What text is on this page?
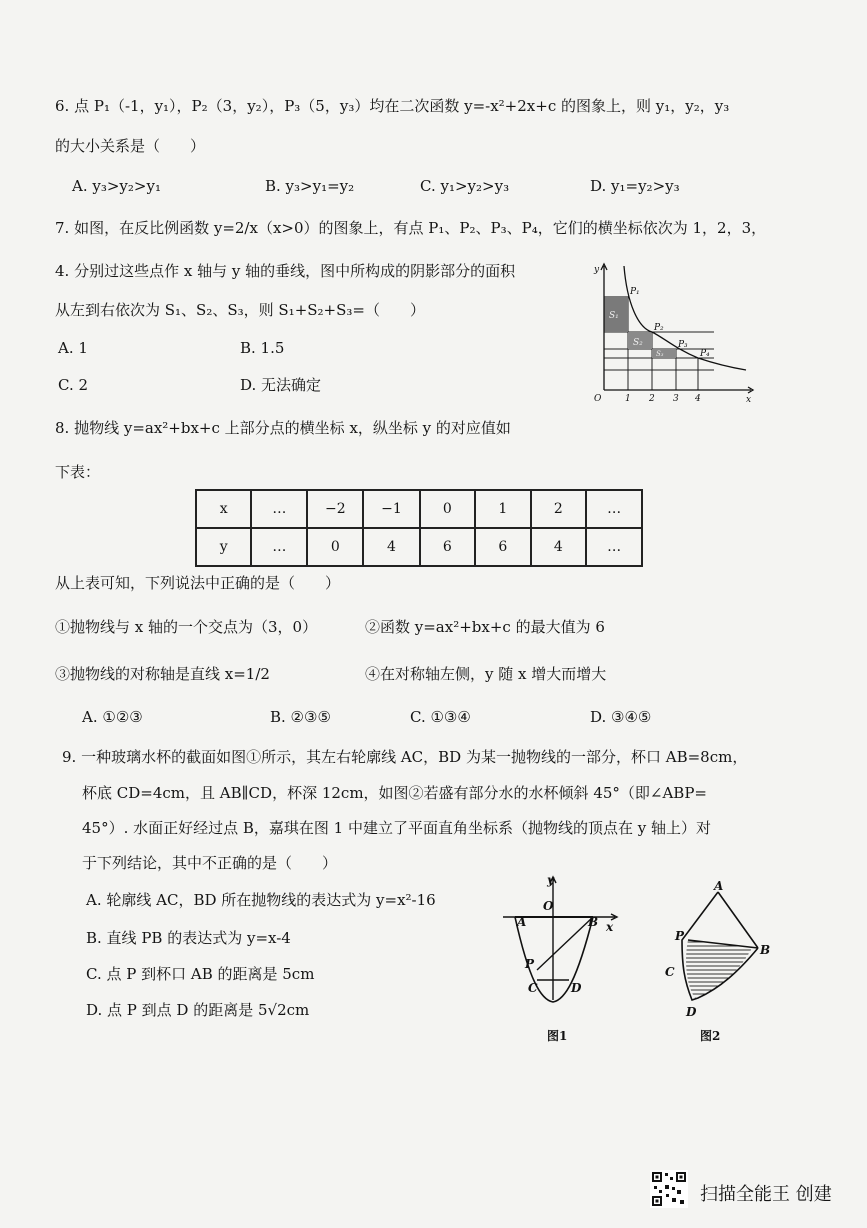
6. 点 P₁（-1，y₁），P₂（3，y₂），P₃（5，y₃）均在二次函数 y=-x²+2x+c 的图象上，则 y₁，y₂，y₃
的大小关系是（　　）
A. y₃>y₂>y₁	B. y₃>y₁=y₂	C. y₁>y₂>y₃	D. y₁=y₂>y₃
7. 如图，在反比例函数 y=2/x（x>0）的图象上，有点 P₁、P₂、P₃、P₄，它们的横坐标依次为 1，2，3，
4. 分别过这些点作 x 轴与 y 轴的垂线，图中所构成的阴影部分的面积
从左到右依次为 S₁、S₂、S₃，则 S₁+S₂+S₃=（　　）
A. 1	B. 1.5
C. 2	D. 无法确定
y
x
O	1 2 3 4
P₁
P₂
P₃
P₄
S₁
S₂
S₃
8. 抛物线 y=ax²+bx+c 上部分点的横坐标 x，纵坐标 y 的对应值如
下表：
x	…	−2	−1	0	1	2	…
y	…	0	4	6	6	4	…
从上表可知，下列说法中正确的是（　　）
①抛物线与 x 轴的一个交点为（3，0）	②函数 y=ax²+bx+c 的最大值为 6
③抛物线的对称轴是直线 x=1/2	④在对称轴左侧，y 随 x 增大而增大
A. ①②③	B. ②③⑤	C. ①③④	D. ③④⑤
9. 一种玻璃水杯的截面如图①所示，其左右轮廓线 AC，BD 为某一抛物线的一部分，杯口 AB=8cm，
杯底 CD=4cm，且 AB∥CD，杯深 12cm，如图②若盛有部分水的水杯倾斜 45°（即∠ABP=
45°）. 水面正好经过点 B，嘉琪在图 1 中建立了平面直角坐标系（抛物线的顶点在 y 轴上）对
于下列结论，其中不正确的是（　　）
A. 轮廓线 AC，BD 所在抛物线的表达式为 y=x²-16
B. 直线 PB 的表达式为 y=x-4
C. 点 P 到杯口 AB 的距离是 5cm
D. 点 P 到点 D 的距离是 5√2cm
y
x
O
A	B
P
C	D
图1
A
P
B
C
D
图2
扫描全能王 创建
